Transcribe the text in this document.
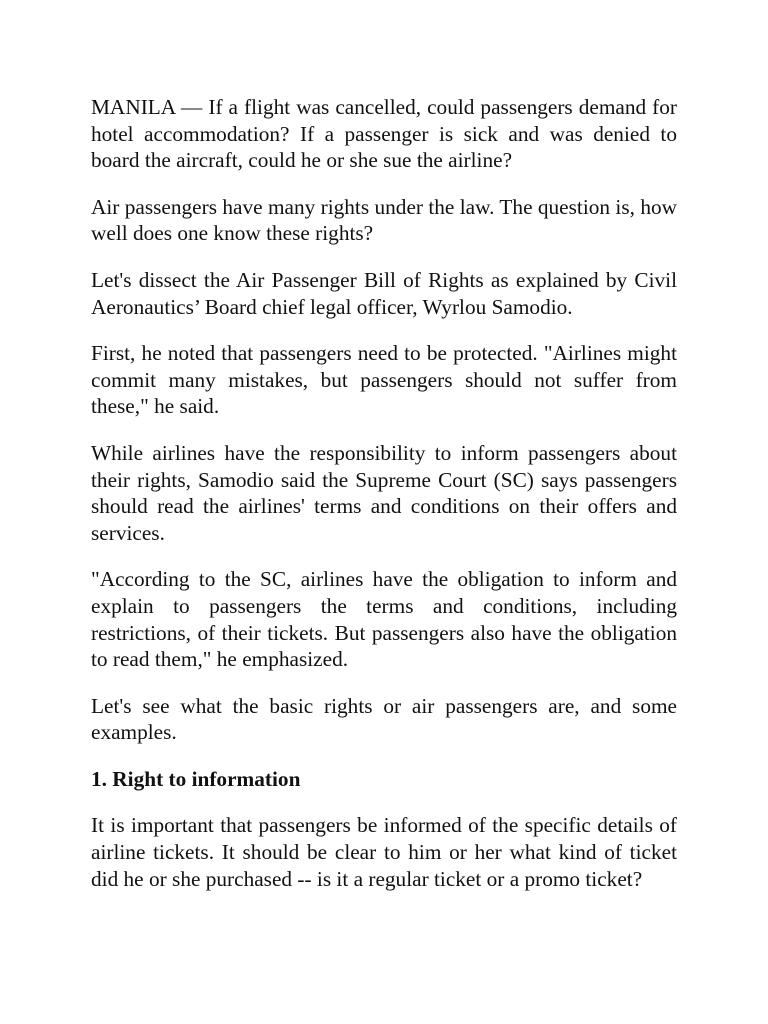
MANILA — If a flight was cancelled, could passengers demand for hotel accommodation? If a passenger is sick and was denied to board the aircraft, could he or she sue the airline?

Air passengers have many rights under the law. The question is, how well does one know these rights?

Let's dissect the Air Passenger Bill of Rights as explained by Civil Aeronautics’ Board chief legal officer, Wyrlou Samodio.

First, he noted that passengers need to be protected. "Airlines might commit many mistakes, but passengers should not suffer from these," he said.

While airlines have the responsibility to inform passengers about their rights, Samodio said the Supreme Court (SC) says passengers should read the airlines' terms and conditions on their offers and services.

"According to the SC, airlines have the obligation to inform and explain to passengers the terms and conditions, including restrictions, of their tickets. But passengers also have the obligation to read them," he emphasized.

Let's see what the basic rights or air passengers are, and some examples.

1. Right to information

It is important that passengers be informed of the specific details of airline tickets. It should be clear to him or her what kind of ticket did he or she purchased -- is it a regular ticket or a promo ticket?
